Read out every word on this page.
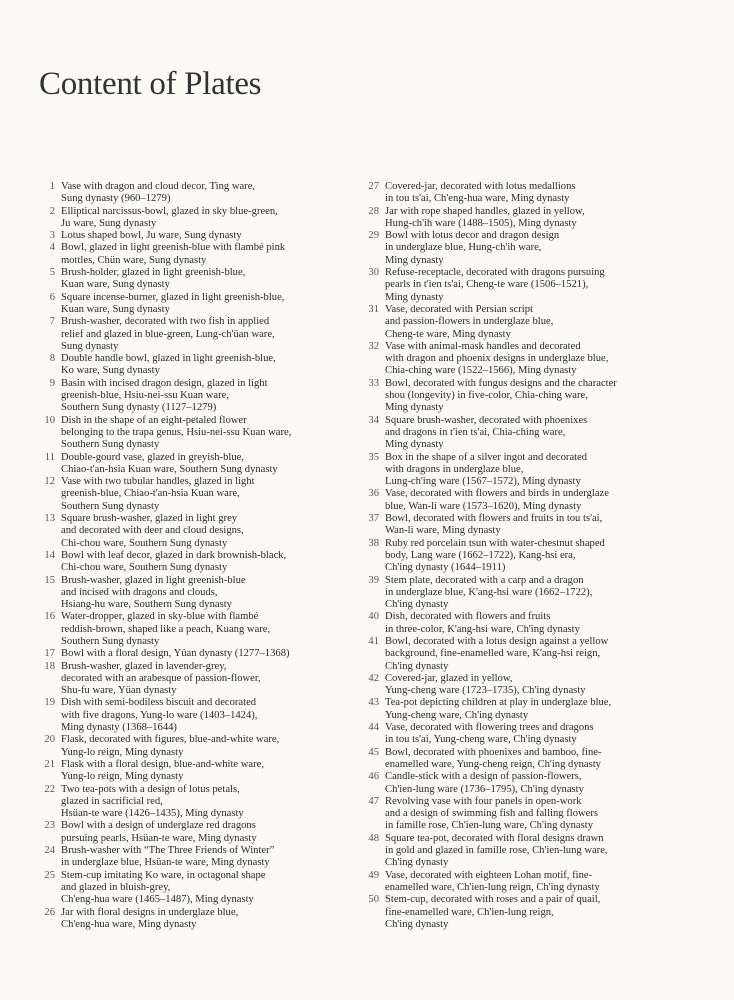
Content of Plates
1 Vase with dragon and cloud decor, Ting ware,
Sung dynasty (960–1279)
2 Elliptical narcissus-bowl, glazed in sky blue-green,
Ju ware, Sung dynasty
3 Lotus shaped bowl, Ju ware, Sung dynasty
4 Bowl, glazed in light greenish-blue with flambé pink
mottles, Chün ware, Sung dynasty
5 Brush-holder, glazed in light greenish-blue,
Kuan ware, Sung dynasty
6 Square incense-burner, glazed in light greenish-blue,
Kuan ware, Sung dynasty
7 Brush-washer, decorated with two fish in applied
relief and glazed in blue-green, Lung-ch'üan ware,
Sung dynasty
8 Double handle bowl, glazed in light greenish-blue,
Ko ware, Sung dynasty
9 Basin with incised dragon design, glazed in light
greenish-blue, Hsiu-nei-ssu Kuan ware,
Southern Sung dynasty (1127–1279)
10 Dish in the shape of an eight-petaled flower
belonging to the trapa genus, Hsiu-nei-ssu Kuan ware,
Southern Sung dynasty
11 Double-gourd vase, glazed in greyish-blue,
Chiao-t'an-hsia Kuan ware, Southern Sung dynasty
12 Vase with two tubular handles, glazed in light
greenish-blue, Chiao-t'an-hsia Kuan ware,
Southern Sung dynasty
13 Square brush-washer, glazed in light grey
and decorated with deer and cloud designs,
Chi-chou ware, Southern Sung dynasty
14 Bowl with leaf decor, glazed in dark brownish-black,
Chi-chou ware, Southern Sung dynasty
15 Brush-washer, glazed in light greenish-blue
and incised with dragons and clouds,
Hsiang-hu ware, Southern Sung dynasty
16 Water-dropper, glazed in sky-blue with flambé
reddish-brown, shaped like a peach, Kuang ware,
Southern Sung dynasty
17 Bowl with a floral design, Yüan dynasty (1277–1368)
18 Brush-washer, glazed in lavender-grey,
decorated with an arabesque of passion-flower,
Shu-fu ware, Yüan dynasty
19 Dish with semi-bodiless biscuit and decorated
with five dragons, Yung-lo ware (1403–1424),
Ming dynasty (1368–1644)
20 Flask, decorated with figures, blue-and-white ware,
Yung-lo reign, Ming dynasty
21 Flask with a floral design, blue-and-white ware,
Yung-lo reign, Ming dynasty
22 Two tea-pots with a design of lotus petals,
glazed in sacrificial red,
Hsüan-te ware (1426–1435), Ming dynasty
23 Bowl with a design of underglaze red dragons
pursuing pearls, Hsüan-te ware, Ming dynasty
24 Brush-washer with “The Three Friends of Winter”
in underglaze blue, Hsüan-te ware, Ming dynasty
25 Stem-cup imitating Ko ware, in octagonal shape
and glazed in bluish-grey,
Ch'eng-hua ware (1465–1487), Ming dynasty
26 Jar with floral designs in underglaze blue,
Ch'eng-hua ware, Ming dynasty
27 Covered-jar, decorated with lotus medallions
in tou ts'ai, Ch'eng-hua ware, Ming dynasty
28 Jar with rope shaped handles, glazed in yellow,
Hung-ch'ih ware (1488–1505), Ming dynasty
29 Bowl with lotus decor and dragon design
in underglaze blue, Hung-ch'ih ware,
Ming dynasty
30 Refuse-receptacle, decorated with dragons pursuing
pearls in t'ien ts'ai, Cheng-te ware (1506–1521),
Ming dynasty
31 Vase, decorated with Persian script
and passion-flowers in underglaze blue,
Cheng-te ware, Ming dynasty
32 Vase with animal-mask handles and decorated
with dragon and phoenix designs in underglaze blue,
Chia-ching ware (1522–1566), Ming dynasty
33 Bowl, decorated with fungus designs and the character
shou (longevity) in five-color, Chia-ching ware,
Ming dynasty
34 Square brush-washer, decorated with phoenixes
and dragons in t'ien ts'ai, Chia-ching ware,
Ming dynasty
35 Box in the shape of a silver ingot and decorated
with dragons in underglaze blue,
Lung-ch'ing ware (1567–1572), Ming dynasty
36 Vase, decorated with flowers and birds in underglaze
blue, Wan-li ware (1573–1620), Ming dynasty
37 Bowl, decorated with flowers and fruits in tou ts'ai,
Wan-li ware, Ming dynasty
38 Ruby red porcelain tsun with water-chestnut shaped
body, Lang ware (1662–1722), Kang-hsi era,
Ch'ing dynasty (1644–1911)
39 Stem plate, decorated with a carp and a dragon
in underglaze blue, K'ang-hsi ware (1662–1722),
Ch'ing dynasty
40 Dish, decorated with flowers and fruits
in three-color, K'ang-hsi ware, Ch'ing dynasty
41 Bowl, decorated with a lotus design against a yellow
background, fine-enamelled ware, K'ang-hsi reign,
Ch'ing dynasty
42 Covered-jar, glazed in yellow,
Yung-cheng ware (1723–1735), Ch'ing dynasty
43 Tea-pot depicting children at play in underglaze blue,
Yung-cheng ware, Ch'ing dynasty
44 Vase, decorated with flowering trees and dragons
in tou ts'ai, Yung-cheng ware, Ch'ing dynasty
45 Bowl, decorated with phoenixes and bamboo, fine-
enamelled ware, Yung-cheng reign, Ch'ing dynasty
46 Candle-stick with a design of passion-flowers,
Ch'ien-lung ware (1736–1795), Ch'ing dynasty
47 Revolving vase with four panels in open-work
and a design of swimming fish and falling flowers
in famille rose, Ch'ien-lung ware, Ch'ing dynasty
48 Square tea-pot, decorated with floral designs drawn
in gold and glazed in famille rose, Ch'ien-lung ware,
Ch'ing dynasty
49 Vase, decorated with eighteen Lohan motif, fine-
enamelled ware, Ch'ien-lung reign, Ch'ing dynasty
50 Stem-cup, decorated with roses and a pair of quail,
fine-enamelled ware, Ch'ien-lung reign,
Ch'ing dynasty
